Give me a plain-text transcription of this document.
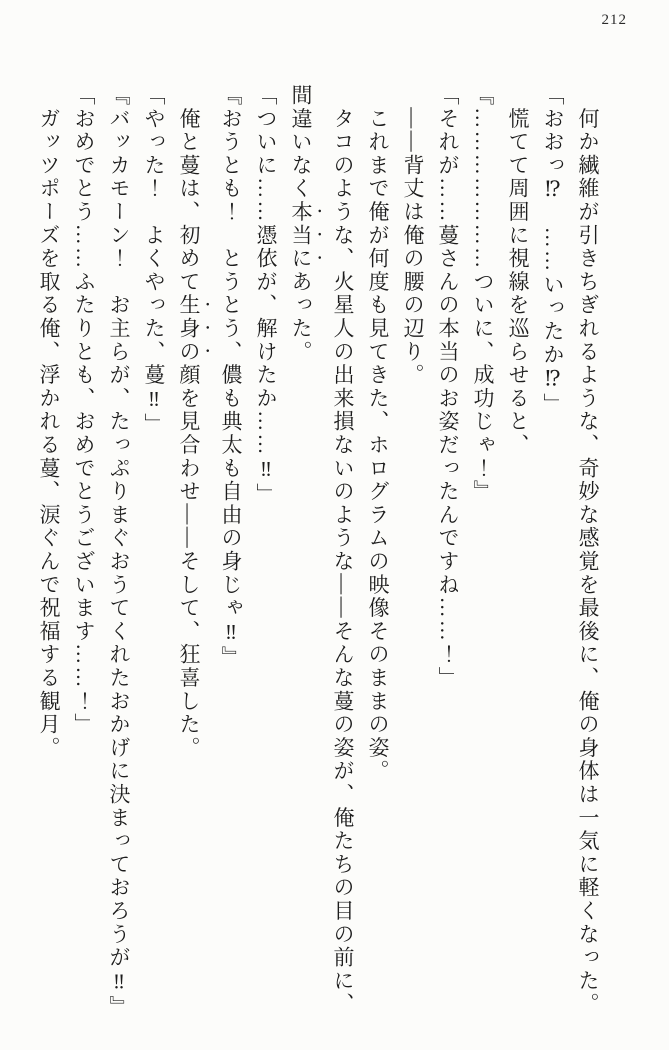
212

　何か繊維が引きちぎれるような、奇妙な感覚を最後に、俺の身体は一気に軽くなった。

「おおっ⁉　……いったか⁉」

　慌てて周囲に視線を巡らせると、

『…………………ついに、成功じゃ！』

「それが……蔓さんの本当のお姿だったんですね……！」

　――背丈は俺の腰の辺り。

　これまで俺が何度も見てきた、ホログラムの映像そのままの姿。

　タコのような、火星人の出来損ないのような――そんな蔓の姿が、俺たちの目の前に、

間違いなく本当にあった。

「ついに……憑依が、解けたか……‼」

『おうとも！　とうとう、儂も典太も自由の身じゃ‼』

　俺と蔓は、初めて生身の顔を見合わせ――そして、狂喜した。

「やった！　よくやった、蔓‼」

『バッカモーン！　お主らが、たっぷりまぐおうてくれたおかげに決まっておろうが‼』

「おめでとう……ふたりとも、おめでとうございます……！」

　ガッツポーズを取る俺、浮かれる蔓、涙ぐんで祝福する観月。
